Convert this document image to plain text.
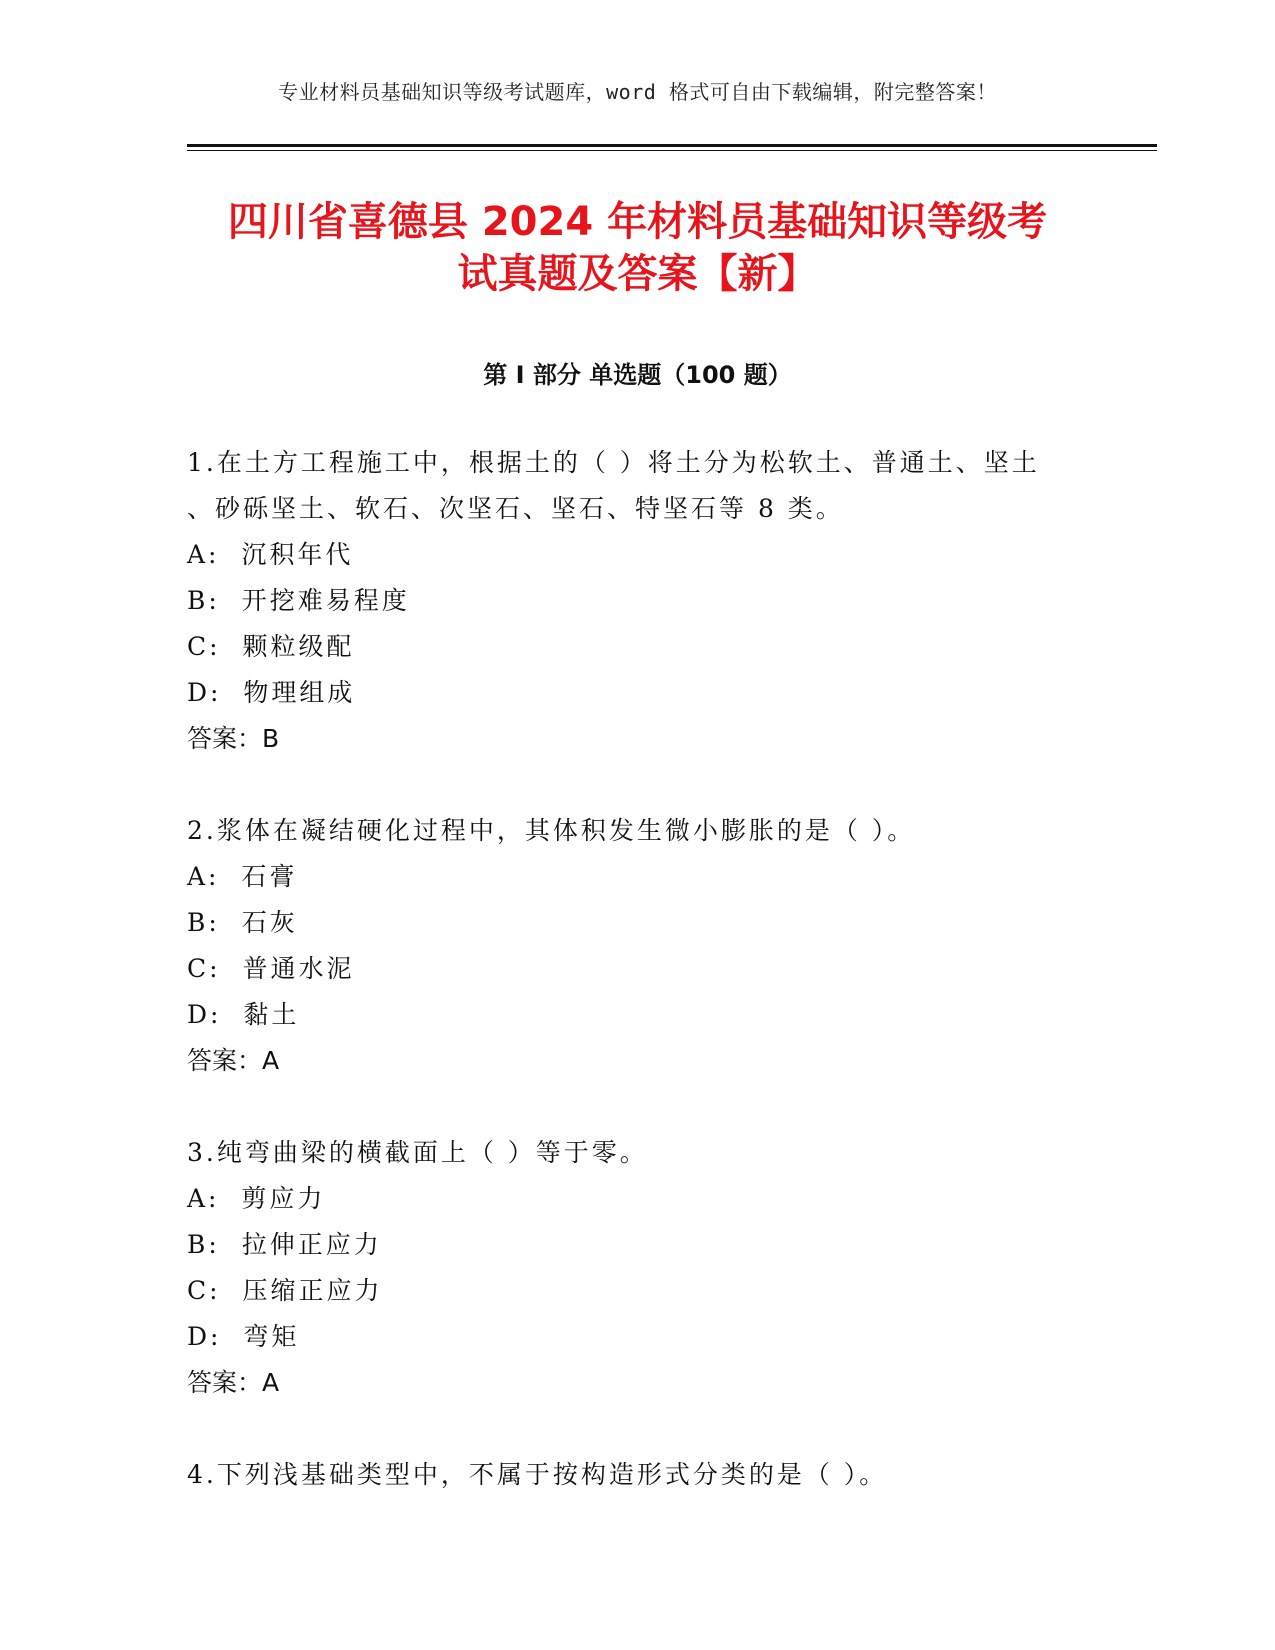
专业材料员基础知识等级考试题库，word 格式可自由下载编辑，附完整答案！
四川省喜德县 2024 年材料员基础知识等级考
试真题及答案【新】
第 I 部分 单选题（100 题）

1.在土方工程施工中，根据土的（ ）将土分为松软土、普通土、坚土

、砂砾坚土、软石、次坚石、坚石、特坚石等 8 类。

A:  沉积年代

B:  开挖难易程度

C:  颗粒级配

D:  物理组成

答案：B

2.浆体在凝结硬化过程中，其体积发生微小膨胀的是（ ）。

A:  石膏

B:  石灰

C:  普通水泥

D:  黏土

答案：A

3.纯弯曲梁的横截面上（ ）等于零。

A:  剪应力

B:  拉伸正应力

C:  压缩正应力

D:  弯矩

答案：A

4.下列浅基础类型中，不属于按构造形式分类的是（ ）。
